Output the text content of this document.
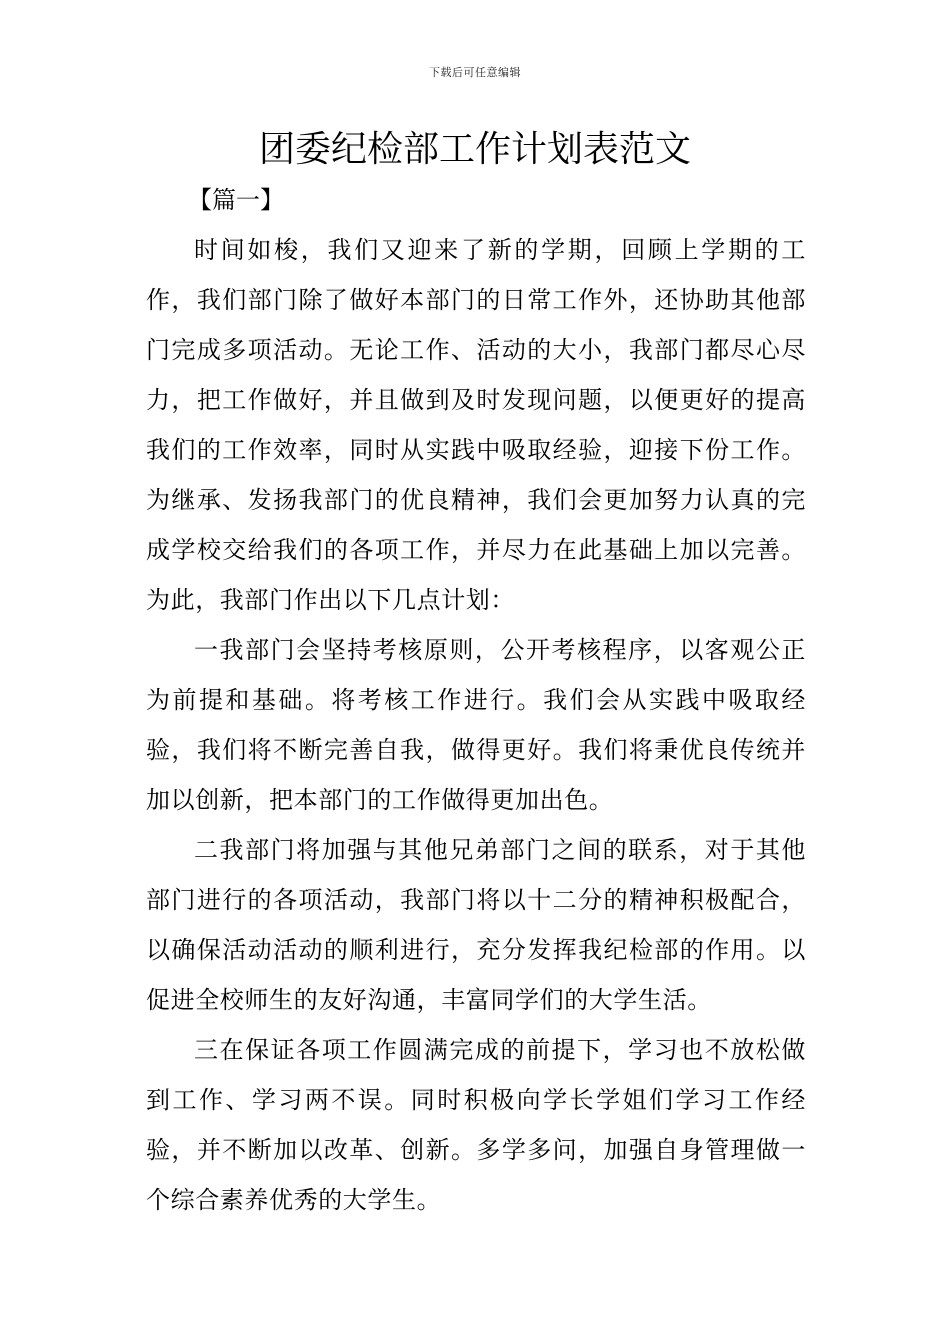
下载后可任意编辑
团委纪检部工作计划表范文
【篇一】

时间如梭，我们又迎来了新的学期，回顾上学期的工作，我们部门除了做好本部门的日常工作外，还协助其他部门完成多项活动。无论工作、活动的大小，我部门都尽心尽力，把工作做好，并且做到及时发现问题，以便更好的提高我们的工作效率，同时从实践中吸取经验，迎接下份工作。为继承、发扬我部门的优良精神，我们会更加努力认真的完成学校交给我们的各项工作，并尽力在此基础上加以完善。为此，我部门作出以下几点计划：

一我部门会坚持考核原则，公开考核程序，以客观公正为前提和基础。将考核工作进行。我们会从实践中吸取经验，我们将不断完善自我，做得更好。我们将秉优良传统并加以创新，把本部门的工作做得更加出色。

二我部门将加强与其他兄弟部门之间的联系，对于其他部门进行的各项活动，我部门将以十二分的精神积极配合，以确保活动活动的顺利进行，充分发挥我纪检部的作用。以促进全校师生的友好沟通，丰富同学们的大学生活。

三在保证各项工作圆满完成的前提下，学习也不放松做到工作、学习两不误。同时积极向学长学姐们学习工作经验，并不断加以改革、创新。多学多问，加强自身管理做一个综合素养优秀的大学生。
